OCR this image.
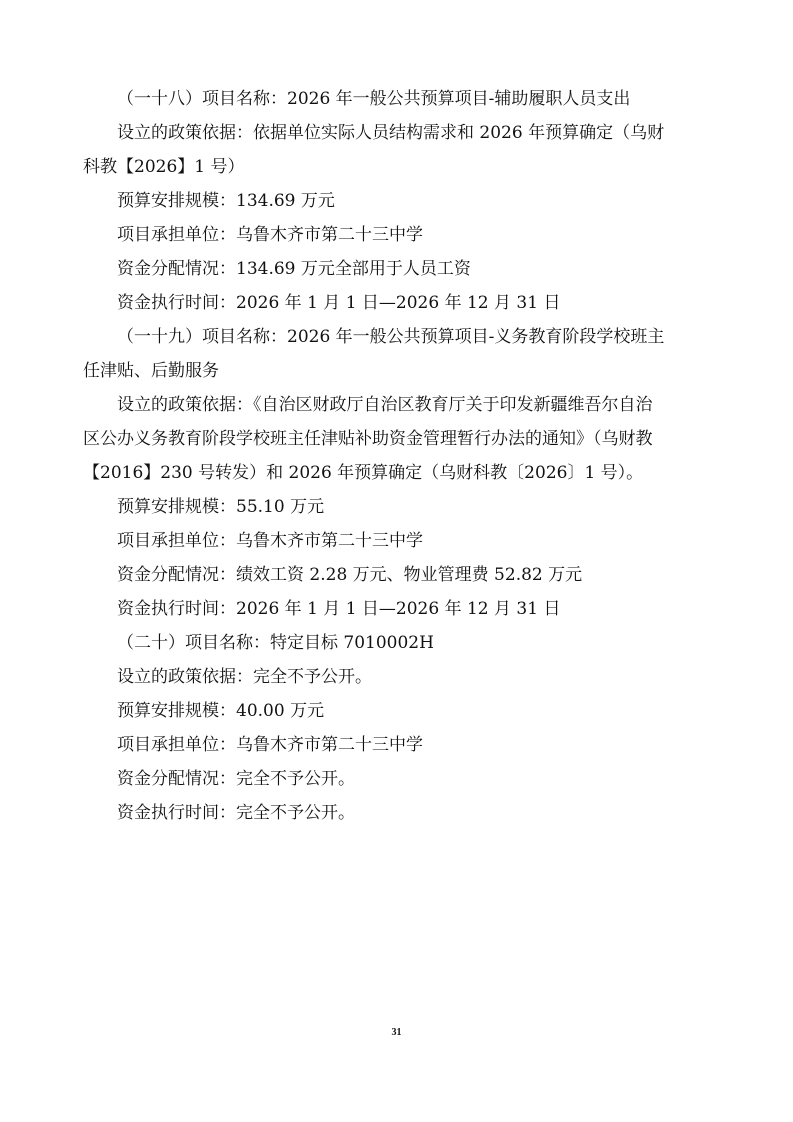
（一十八）项目名称：2026 年一般公共预算项目-辅助履职人员支出
设立的政策依据：依据单位实际人员结构需求和 2026 年预算确定（乌财
科教【2026】1 号）
预算安排规模：134.69 万元
项目承担单位：乌鲁木齐市第二十三中学
资金分配情况：134.69 万元全部用于人员工资
资金执行时间：2026 年 1 月 1 日—2026 年 12 月 31 日
（一十九）项目名称：2026 年一般公共预算项目-义务教育阶段学校班主
任津贴、后勤服务
设立的政策依据：《自治区财政厅自治区教育厅关于印发新疆维吾尔自治
区公办义务教育阶段学校班主任津贴补助资金管理暂行办法的通知》（乌财教
【2016】230 号转发）和 2026 年预算确定（乌财科教〔2026〕1 号）。
预算安排规模：55.10 万元
项目承担单位：乌鲁木齐市第二十三中学
资金分配情况：绩效工资 2.28 万元、物业管理费 52.82 万元
资金执行时间：2026 年 1 月 1 日—2026 年 12 月 31 日
（二十）项目名称：特定目标 7010002H
设立的政策依据：完全不予公开。
预算安排规模：40.00 万元
项目承担单位：乌鲁木齐市第二十三中学
资金分配情况：完全不予公开。
资金执行时间：完全不予公开。
31
